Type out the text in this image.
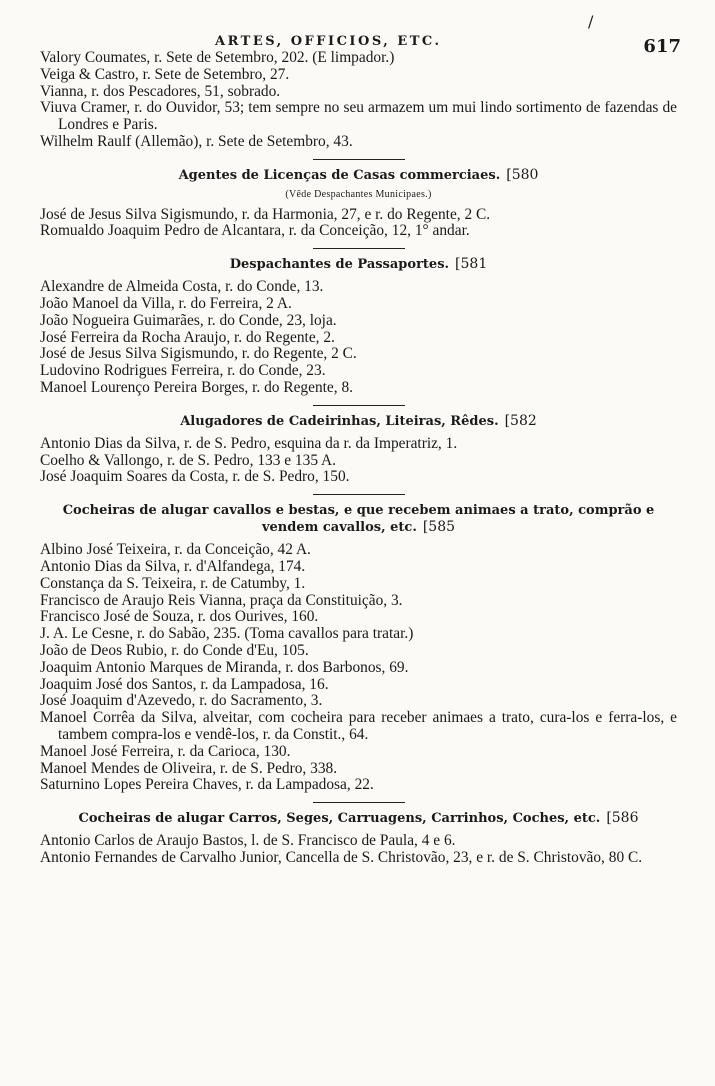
/
ARTES, OFFICIOS, ETC.	617

Valory Coumates, r. Sete de Setembro, 202. (E limpador.)

Veiga & Castro, r. Sete de Setembro, 27.

Vianna, r. dos Pescadores, 51, sobrado.

Viuva Cramer, r. do Ouvidor, 53; tem sempre no seu armazem um mui lindo sortimento de fazendas de Londres e Paris.

Wilhelm Raulf (Allemão), r. Sete de Setembro, 43.

Agentes de Licenças de Casas commerciaes. [580

(Vêde Despachantes Municipaes.)

José de Jesus Silva Sigismundo, r. da Harmonia, 27, e r. do Regente, 2 C.

Romualdo Joaquim Pedro de Alcantara, r. da Conceição, 12, 1° andar.

Despachantes de Passaportes. [581

Alexandre de Almeida Costa, r. do Conde, 13.

João Manoel da Villa, r. do Ferreira, 2 A.

João Nogueira Guimarães, r. do Conde, 23, loja.

José Ferreira da Rocha Araujo, r. do Regente, 2.

José de Jesus Silva Sigismundo, r. do Regente, 2 C.

Ludovino Rodrigues Ferreira, r. do Conde, 23.

Manoel Lourenço Pereira Borges, r. do Regente, 8.

Alugadores de Cadeirinhas, Liteiras, Rêdes. [582

Antonio Dias da Silva, r. de S. Pedro, esquina da r. da Imperatriz, 1.

Coelho & Vallongo, r. de S. Pedro, 133 e 135 A.

José Joaquim Soares da Costa, r. de S. Pedro, 150.

Cocheiras de alugar cavallos e bestas, e que recebem animaes a trato, comprão e vendem cavallos, etc. [585

Albino José Teixeira, r. da Conceição, 42 A.

Antonio Dias da Silva, r. d'Alfandega, 174.

Constança da S. Teixeira, r. de Catumby, 1.

Francisco de Araujo Reis Vianna, praça da Constituição, 3.

Francisco José de Souza, r. dos Ourives, 160.

J. A. Le Cesne, r. do Sabão, 235. (Toma cavallos para tratar.)

João de Deos Rubio, r. do Conde d'Eu, 105.

Joaquim Antonio Marques de Miranda, r. dos Barbonos, 69.

Joaquim José dos Santos, r. da Lampadosa, 16.

José Joaquim d'Azevedo, r. do Sacramento, 3.

Manoel Corrêa da Silva, alveitar, com cocheira para receber animaes a trato, cura-los e ferra-los, e tambem compra-los e vendê-los, r. da Constit., 64.

Manoel José Ferreira, r. da Carioca, 130.

Manoel Mendes de Oliveira, r. de S. Pedro, 338.

Saturnino Lopes Pereira Chaves, r. da Lampadosa, 22.

Cocheiras de alugar Carros, Seges, Carruagens, Carrinhos, Coches, etc. [586

Antonio Carlos de Araujo Bastos, l. de S. Francisco de Paula, 4 e 6.

Antonio Fernandes de Carvalho Junior, Cancella de S. Christovão, 23, e r. de S. Christovão, 80 C.
